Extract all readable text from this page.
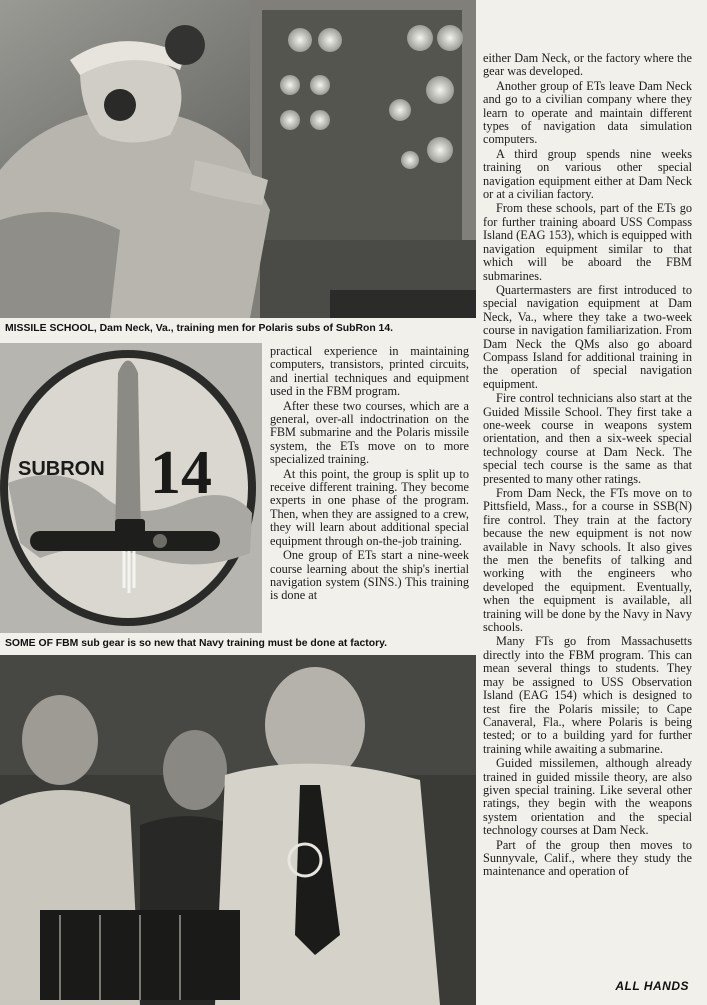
MISSILE SCHOOL, Dam Neck, Va., training men for Polaris subs of SubRon 14.
SUBRON 14
SOME OF FBM sub gear is so new that Navy training must be done at factory.

practical experience in maintaining computers, transistors, printed circuits, and inertial techniques and equipment used in the FBM program.

After these two courses, which are a general, over-all indoctrination on the FBM submarine and the Polaris missile system, the ETs move on to more specialized training.

At this point, the group is split up to receive different training. They become experts in one phase of the program. Then, when they are assigned to a crew, they will learn about additional special equipment through on-the-job training.

One group of ETs start a nine-week course learning about the ship's inertial navigation system (SINS.) This training is done at

either Dam Neck, or the factory where the gear was developed.

Another group of ETs leave Dam Neck and go to a civilian company where they learn to operate and maintain different types of navigation data simulation computers.

A third group spends nine weeks training on various other special navigation equipment either at Dam Neck or at a civilian factory.

From these schools, part of the ETs go for further training aboard USS Compass Island (EAG 153), which is equipped with navigation equipment similar to that which will be aboard the FBM submarines.

Quartermasters are first introduced to special navigation equipment at Dam Neck, Va., where they take a two-week course in navigation familiarization. From Dam Neck the QMs also go aboard Compass Island for additional training in the operation of special navigation equipment.

Fire control technicians also start at the Guided Missile School. They first take a one-week course in weapons system orientation, and then a six-week special technology course at Dam Neck. The special tech course is the same as that presented to many other ratings.

From Dam Neck, the FTs move on to Pittsfield, Mass., for a course in SSB(N) fire control. They train at the factory because the new equipment is not now available in Navy schools. It also gives the men the benefits of talking and working with the engineers who developed the equipment. Eventually, when the equipment is available, all training will be done by the Navy in Navy schools.

Many FTs go from Massachusetts directly into the FBM program. This can mean several things to students. They may be assigned to USS Observation Island (EAG 154) which is designed to test fire the Polaris missile; to Cape Canaveral, Fla., where Polaris is being tested; or to a building yard for further training while awaiting a submarine.

Guided missilemen, although already trained in guided missile theory, are also given special training. Like several other ratings, they begin with the weapons system orientation and the special technology courses at Dam Neck.

Part of the group then moves to Sunnyvale, Calif., where they study the maintenance and operation of

ALL HANDS
